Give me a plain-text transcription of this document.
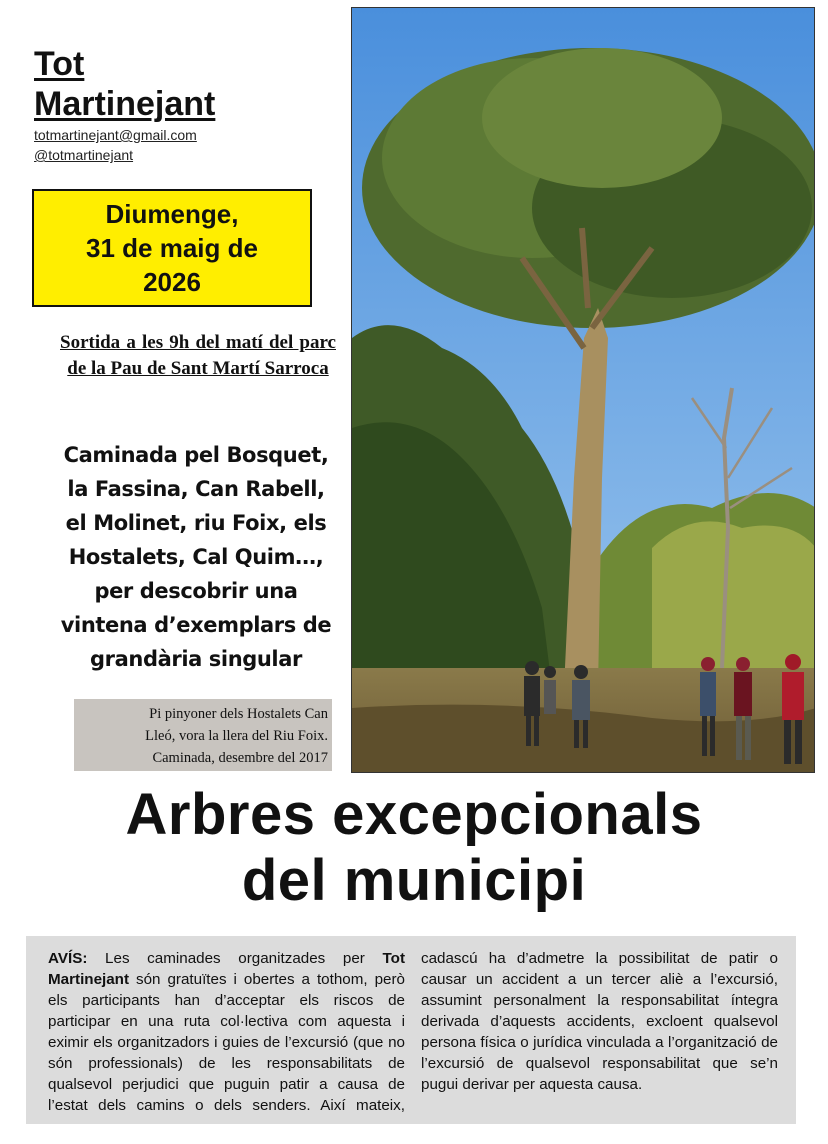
Tot
Martinejant
totmartinejant@gmail.com
@totmartinejant
Diumenge,
31 de maig de
2026
Sortida a les 9h del matí del parc de la Pau de Sant Martí Sarroca
Caminada pel Bosquet,
la Fassina, Can Rabell,
el Molinet, riu Foix, els
Hostalets, Cal Quim…,
per descobrir una
vintena d’exemplars de
grandària singular
Pi pinyoner dels Hostalets Can
Lleó, vora la llera del Riu Foix.
Caminada, desembre del 2017
Arbres excepcionals
del municipi
AVÍS: Les caminades organitzades per Tot Martinejant són gratuïtes i obertes a tothom, però els participants han d’acceptar els riscos de participar en una ruta col·lectiva com aquesta i eximir els organitzadors i guies de l’excursió (que no són professionals) de les responsabilitats de qualsevol perjudici que puguin patir a causa de l’estat dels camins o dels senders. Així mateix, cadascú ha d’admetre la possibilitat de patir o causar un accident a un tercer aliè a l’excursió, assumint personalment la responsabilitat íntegra derivada d’aquests accidents, excloent qualsevol persona física o jurídica vinculada a l’organització de l’excursió de qualsevol responsabilitat que se’n pugui derivar per aquesta causa.
